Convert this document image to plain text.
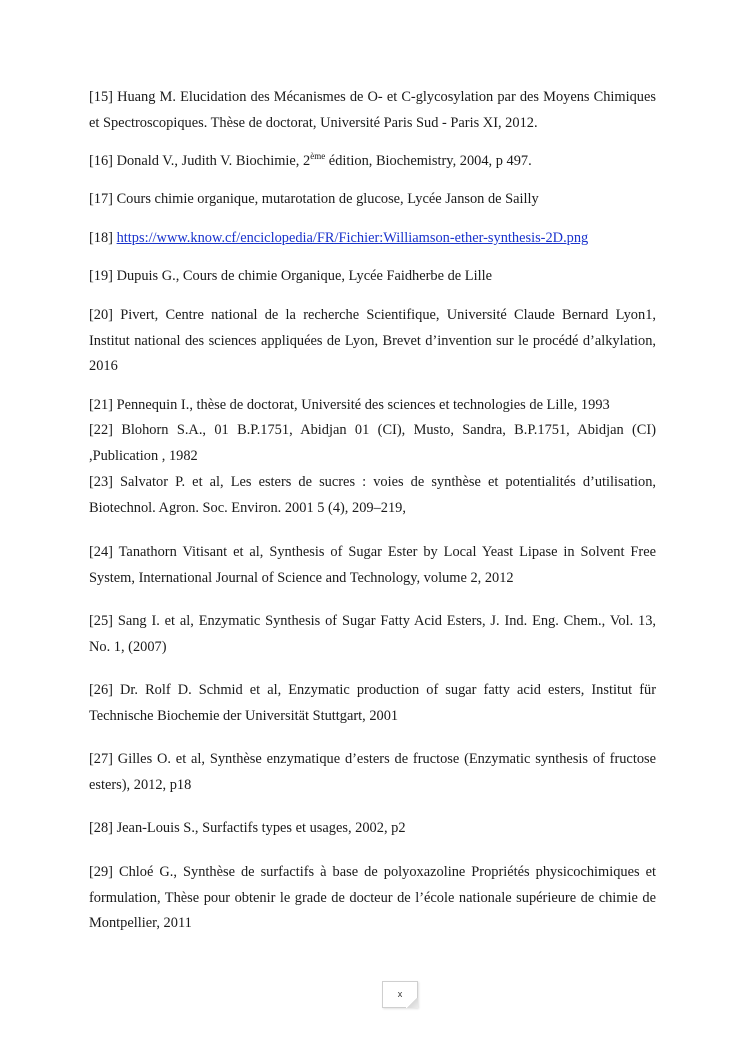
[15] Huang M. Elucidation des Mécanismes de O- et C-glycosylation par des Moyens Chimiques et Spectroscopiques. Thèse de doctorat, Université Paris Sud - Paris XI, 2012.

[16] Donald V., Judith V. Biochimie, 2ème édition, Biochemistry, 2004, p 497.

[17] Cours chimie organique, mutarotation de glucose, Lycée Janson de Sailly

[18] https://www.know.cf/enciclopedia/FR/Fichier:Williamson-ether-synthesis-2D.png

[19] Dupuis G., Cours de chimie Organique, Lycée Faidherbe de Lille

[20] Pivert, Centre national de la recherche Scientifique, Université Claude Bernard Lyon1, Institut national des sciences appliquées de Lyon, Brevet d’invention sur le procédé d’alkylation, 2016

[21] Pennequin I., thèse de doctorat, Université des sciences et technologies de Lille, 1993

[22] Blohorn S.A., 01 B.P.1751, Abidjan 01 (CI), Musto, Sandra, B.P.1751, Abidjan (CI) ,Publication , 1982

[23] Salvator P. et al, Les esters de sucres : voies de synthèse et potentialités d’utilisation, Biotechnol. Agron. Soc. Environ. 2001 5 (4), 209–219,

[24] Tanathorn Vitisant et al, Synthesis of Sugar Ester by Local Yeast Lipase in Solvent Free System, International Journal of Science and Technology, volume 2, 2012

[25] Sang I. et al, Enzymatic Synthesis of Sugar Fatty Acid Esters, J. Ind. Eng. Chem., Vol. 13, No. 1, (2007)

[26] Dr. Rolf D. Schmid et al, Enzymatic production of sugar fatty acid esters, Institut für Technische Biochemie der Universität Stuttgart, 2001

[27] Gilles O. et al, Synthèse enzymatique d’esters de fructose (Enzymatic synthesis of fructose esters), 2012, p18

[28] Jean-Louis S., Surfactifs types et usages, 2002, p2

[29] Chloé G., Synthèse de surfactifs à base de polyoxazoline Propriétés physicochimiques et formulation, Thèse pour obtenir le grade de docteur de l’école nationale supérieure de chimie de Montpellier, 2011

x
